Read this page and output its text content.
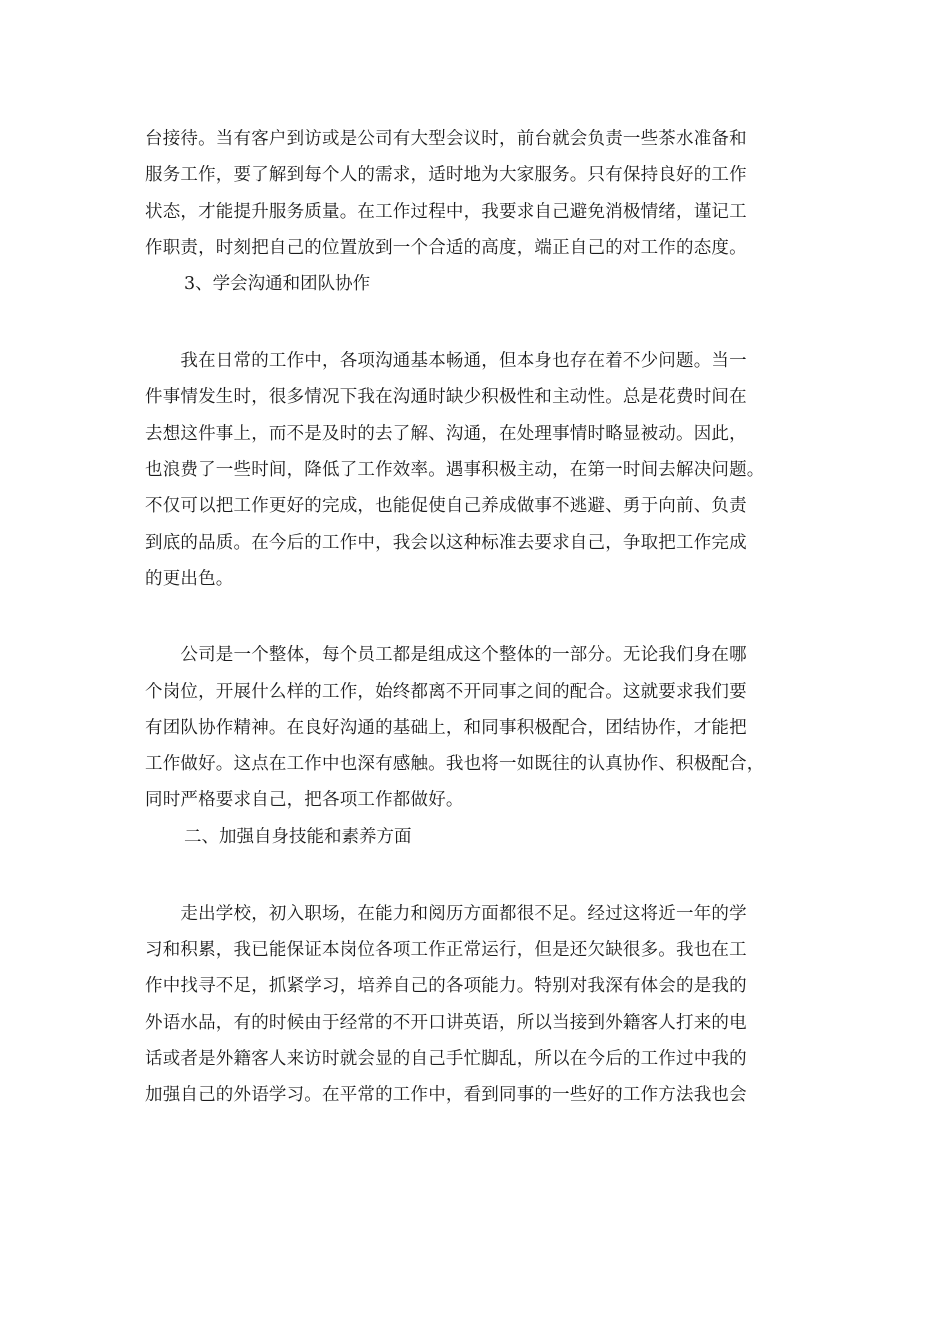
台接待。当有客户到访或是公司有大型会议时，前台就会负责一些茶水准备和
服务工作，要了解到每个人的需求，适时地为大家服务。只有保持良好的工作
状态，才能提升服务质量。在工作过程中，我要求自己避免消极情绪，谨记工
作职责，时刻把自己的位置放到一个合适的高度，端正自己的对工作的态度。

3、学会沟通和团队协作

　　我在日常的工作中，各项沟通基本畅通，但本身也存在着不少问题。当一
件事情发生时，很多情况下我在沟通时缺少积极性和主动性。总是花费时间在
去想这件事上，而不是及时的去了解、沟通，在处理事情时略显被动。因此，
也浪费了一些时间，降低了工作效率。遇事积极主动，在第一时间去解决问题。
不仅可以把工作更好的完成，也能促使自己养成做事不逃避、勇于向前、负责
到底的品质。在今后的工作中，我会以这种标准去要求自己，争取把工作完成
的更出色。

　　公司是一个整体，每个员工都是组成这个整体的一部分。无论我们身在哪
个岗位，开展什么样的工作，始终都离不开同事之间的配合。这就要求我们要
有团队协作精神。在良好沟通的基础上，和同事积极配合，团结协作，才能把
工作做好。这点在工作中也深有感触。我也将一如既往的认真协作、积极配合，
同时严格要求自己，把各项工作都做好。

二、加强自身技能和素养方面

　　走出学校，初入职场，在能力和阅历方面都很不足。经过这将近一年的学
习和积累，我已能保证本岗位各项工作正常运行，但是还欠缺很多。我也在工
作中找寻不足，抓紧学习，培养自己的各项能力。特别对我深有体会的是我的
外语水品，有的时候由于经常的不开口讲英语，所以当接到外籍客人打来的电
话或者是外籍客人来访时就会显的自己手忙脚乱，所以在今后的工作过中我的
加强自己的外语学习。在平常的工作中，看到同事的一些好的工作方法我也会
